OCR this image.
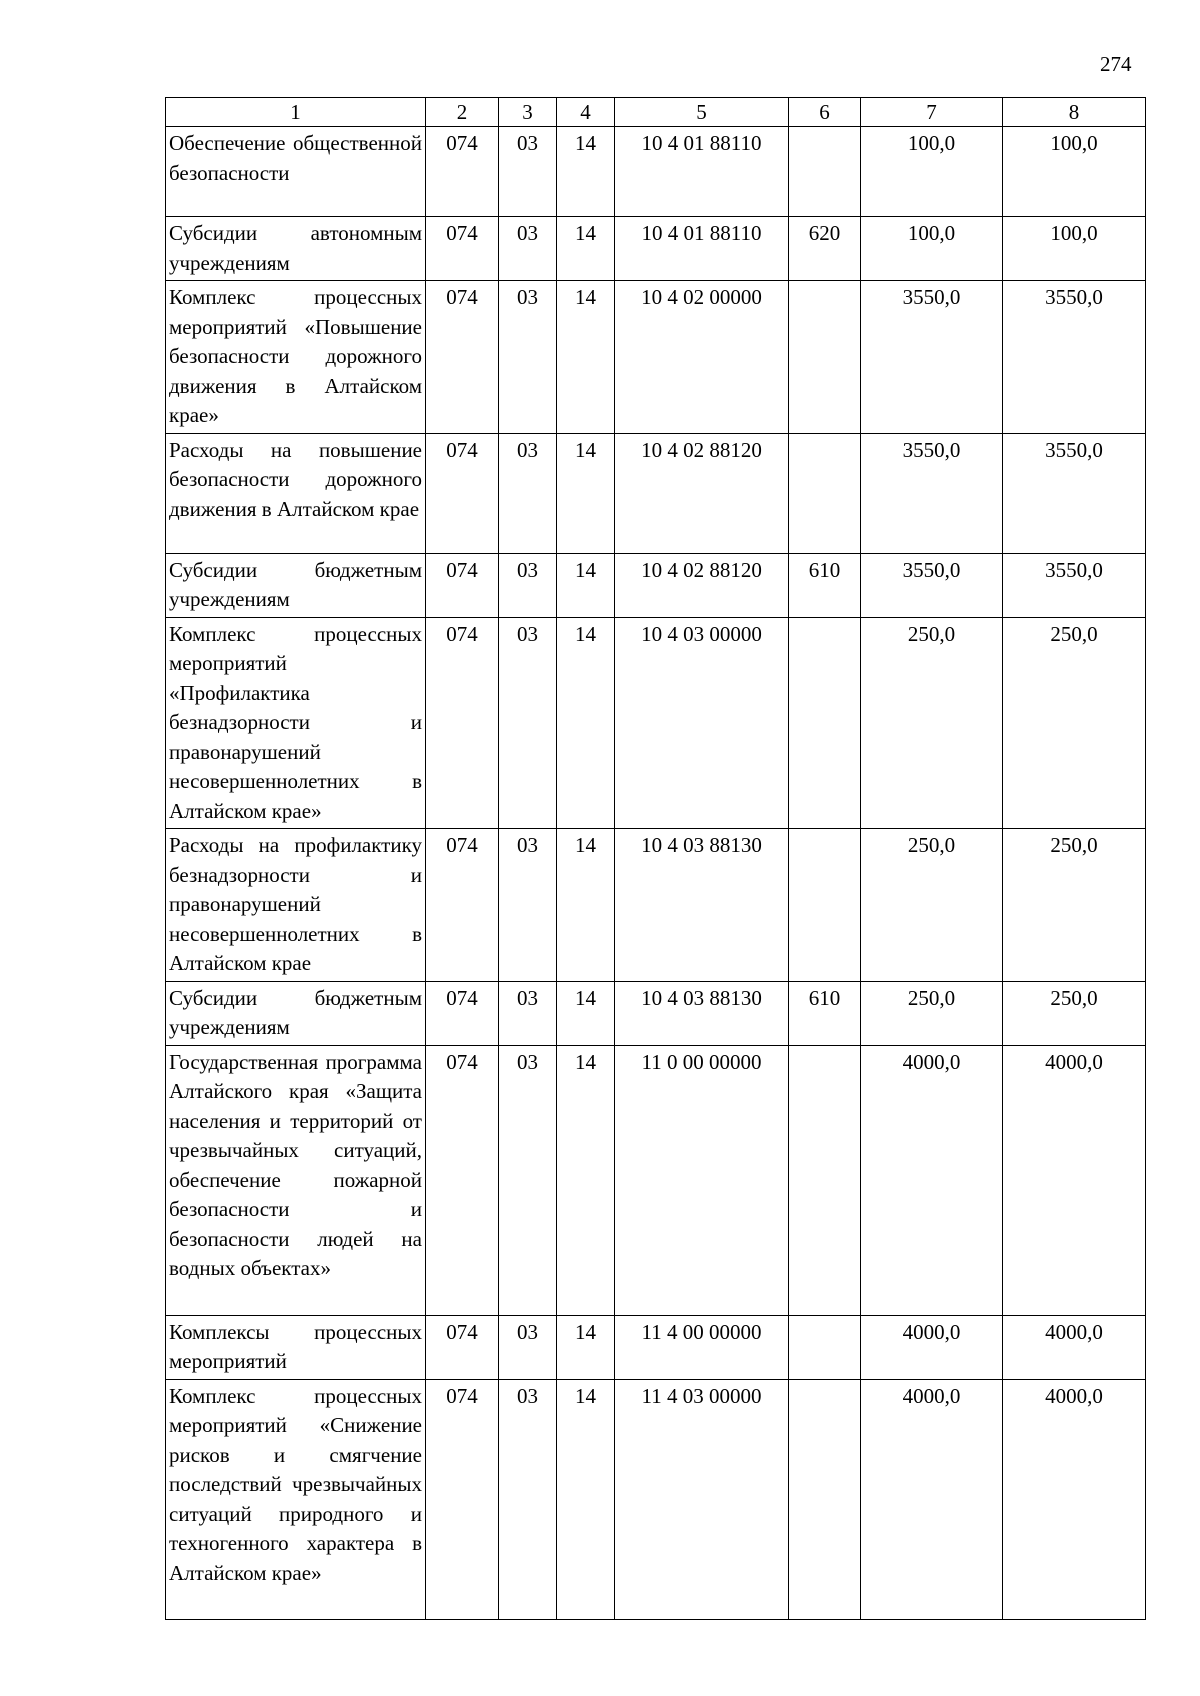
274
1	2	3	4	5	6	7	8
Обеспечение общественной безопасности	074	03	14	10 4 01 88110		100,0	100,0
Субсидии автономным учреждениям	074	03	14	10 4 01 88110	620	100,0	100,0
Комплекс процессных мероприятий «Повышение безопасности дорожного движения в Алтайском крае»	074	03	14	10 4 02 00000		3550,0	3550,0
Расходы на повышение безопасности дорожного движения в Алтайском крае	074	03	14	10 4 02 88120		3550,0	3550,0
Субсидии бюджетным учреждениям	074	03	14	10 4 02 88120	610	3550,0	3550,0
Комплекс процессных мероприятий «Профилактика безнадзорности и правонарушений несовершеннолетних в Алтайском крае»	074	03	14	10 4 03 00000		250,0	250,0
Расходы на профилактику безнадзорности и правонарушений несовершеннолетних в Алтайском крае	074	03	14	10 4 03 88130		250,0	250,0
Субсидии бюджетным учреждениям	074	03	14	10 4 03 88130	610	250,0	250,0
Государственная программа Алтайского края «Защита населения и территорий от чрезвычайных ситуаций, обеспечение пожарной безопасности и безопасности людей на водных объектах»	074	03	14	11 0 00 00000		4000,0	4000,0
Комплексы процессных мероприятий	074	03	14	11 4 00 00000		4000,0	4000,0
Комплекс процессных мероприятий «Снижение рисков и смягчение последствий чрезвычайных ситуаций природного и техногенного характера в Алтайском крае»	074	03	14	11 4 03 00000		4000,0	4000,0
